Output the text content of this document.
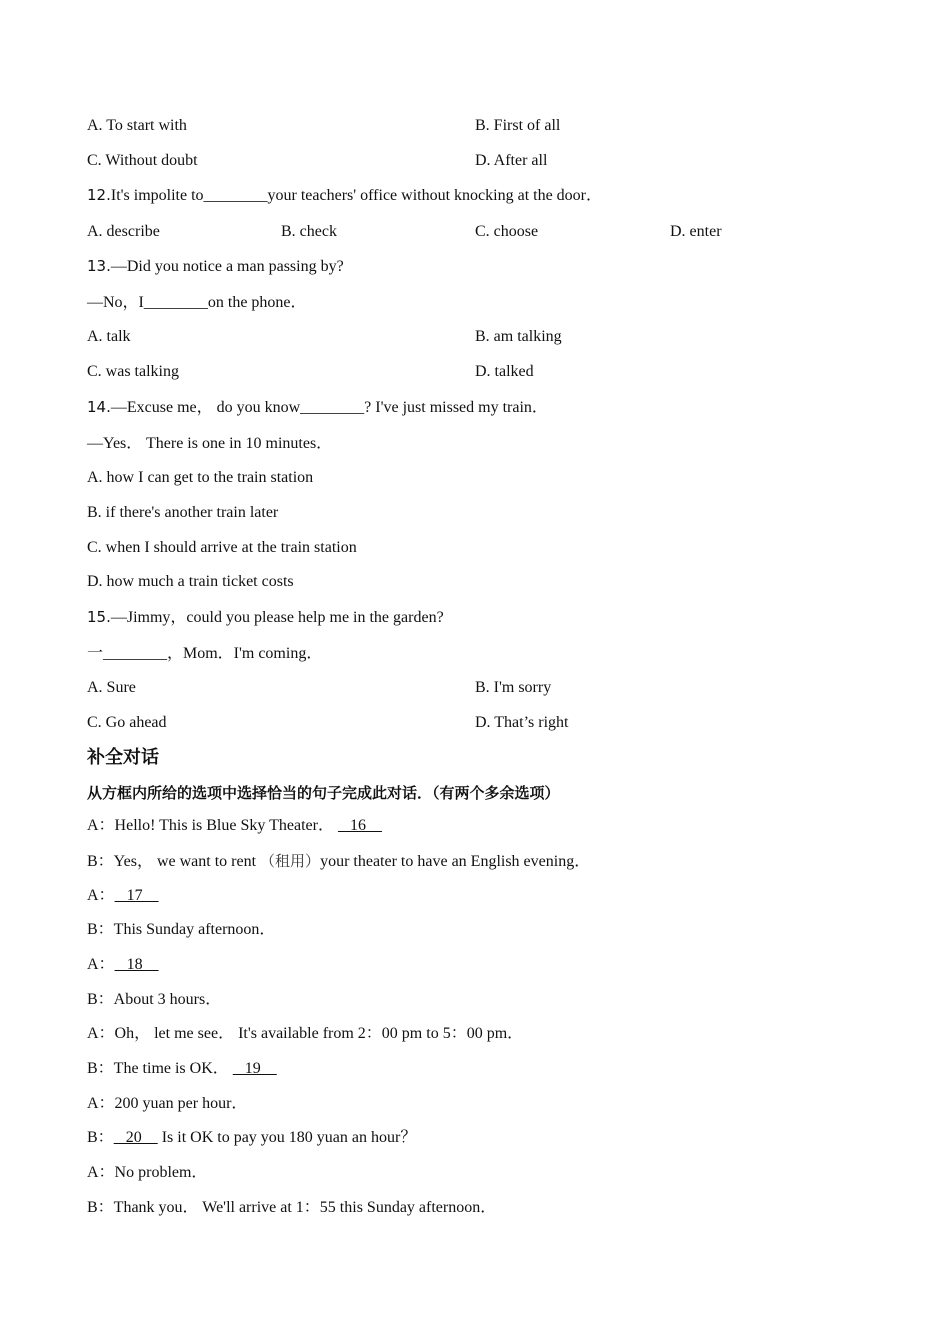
A. To start with	B. First of all
C. Without doubt	D. After all
12.It's impolite to________your teachers' office without knocking at the door．
A. describe	B. check	C. choose	D. enter
13.—Did you notice a man passing by?
—No，I________on the phone．
A. talk	B. am talking
C. was talking	D. talked
14.—Excuse me， do you know________? I've just missed my train．
—Yes． There is one in 10 minutes．
A. how I can get to the train station
B. if there's another train later
C. when I should arrive at the train station
D. how much a train ticket costs
15.—Jimmy，could you please help me in the garden?
一________，Mom．I'm coming．
A. Sure	B. I'm sorry
C. Go ahead	D. That’s right
补全对话
从方框内所给的选项中选择恰当的句子完成此对话．（有两个多余选项）
A：Hello! This is Blue Sky Theater．    16
B：Yes， we want to rent （租用）your theater to have an English evening．
A：   17
B：This Sunday afternoon．
A：   18
B：About 3 hours．
A：Oh， let me see． It's available from 2：00 pm to 5：00 pm．
B：The time is OK．    19
A：200 yuan per hour．
B：   20     Is it OK to pay you 180 yuan an hour？
A：No problem．
B：Thank you． We'll arrive at 1：55 this Sunday afternoon．
